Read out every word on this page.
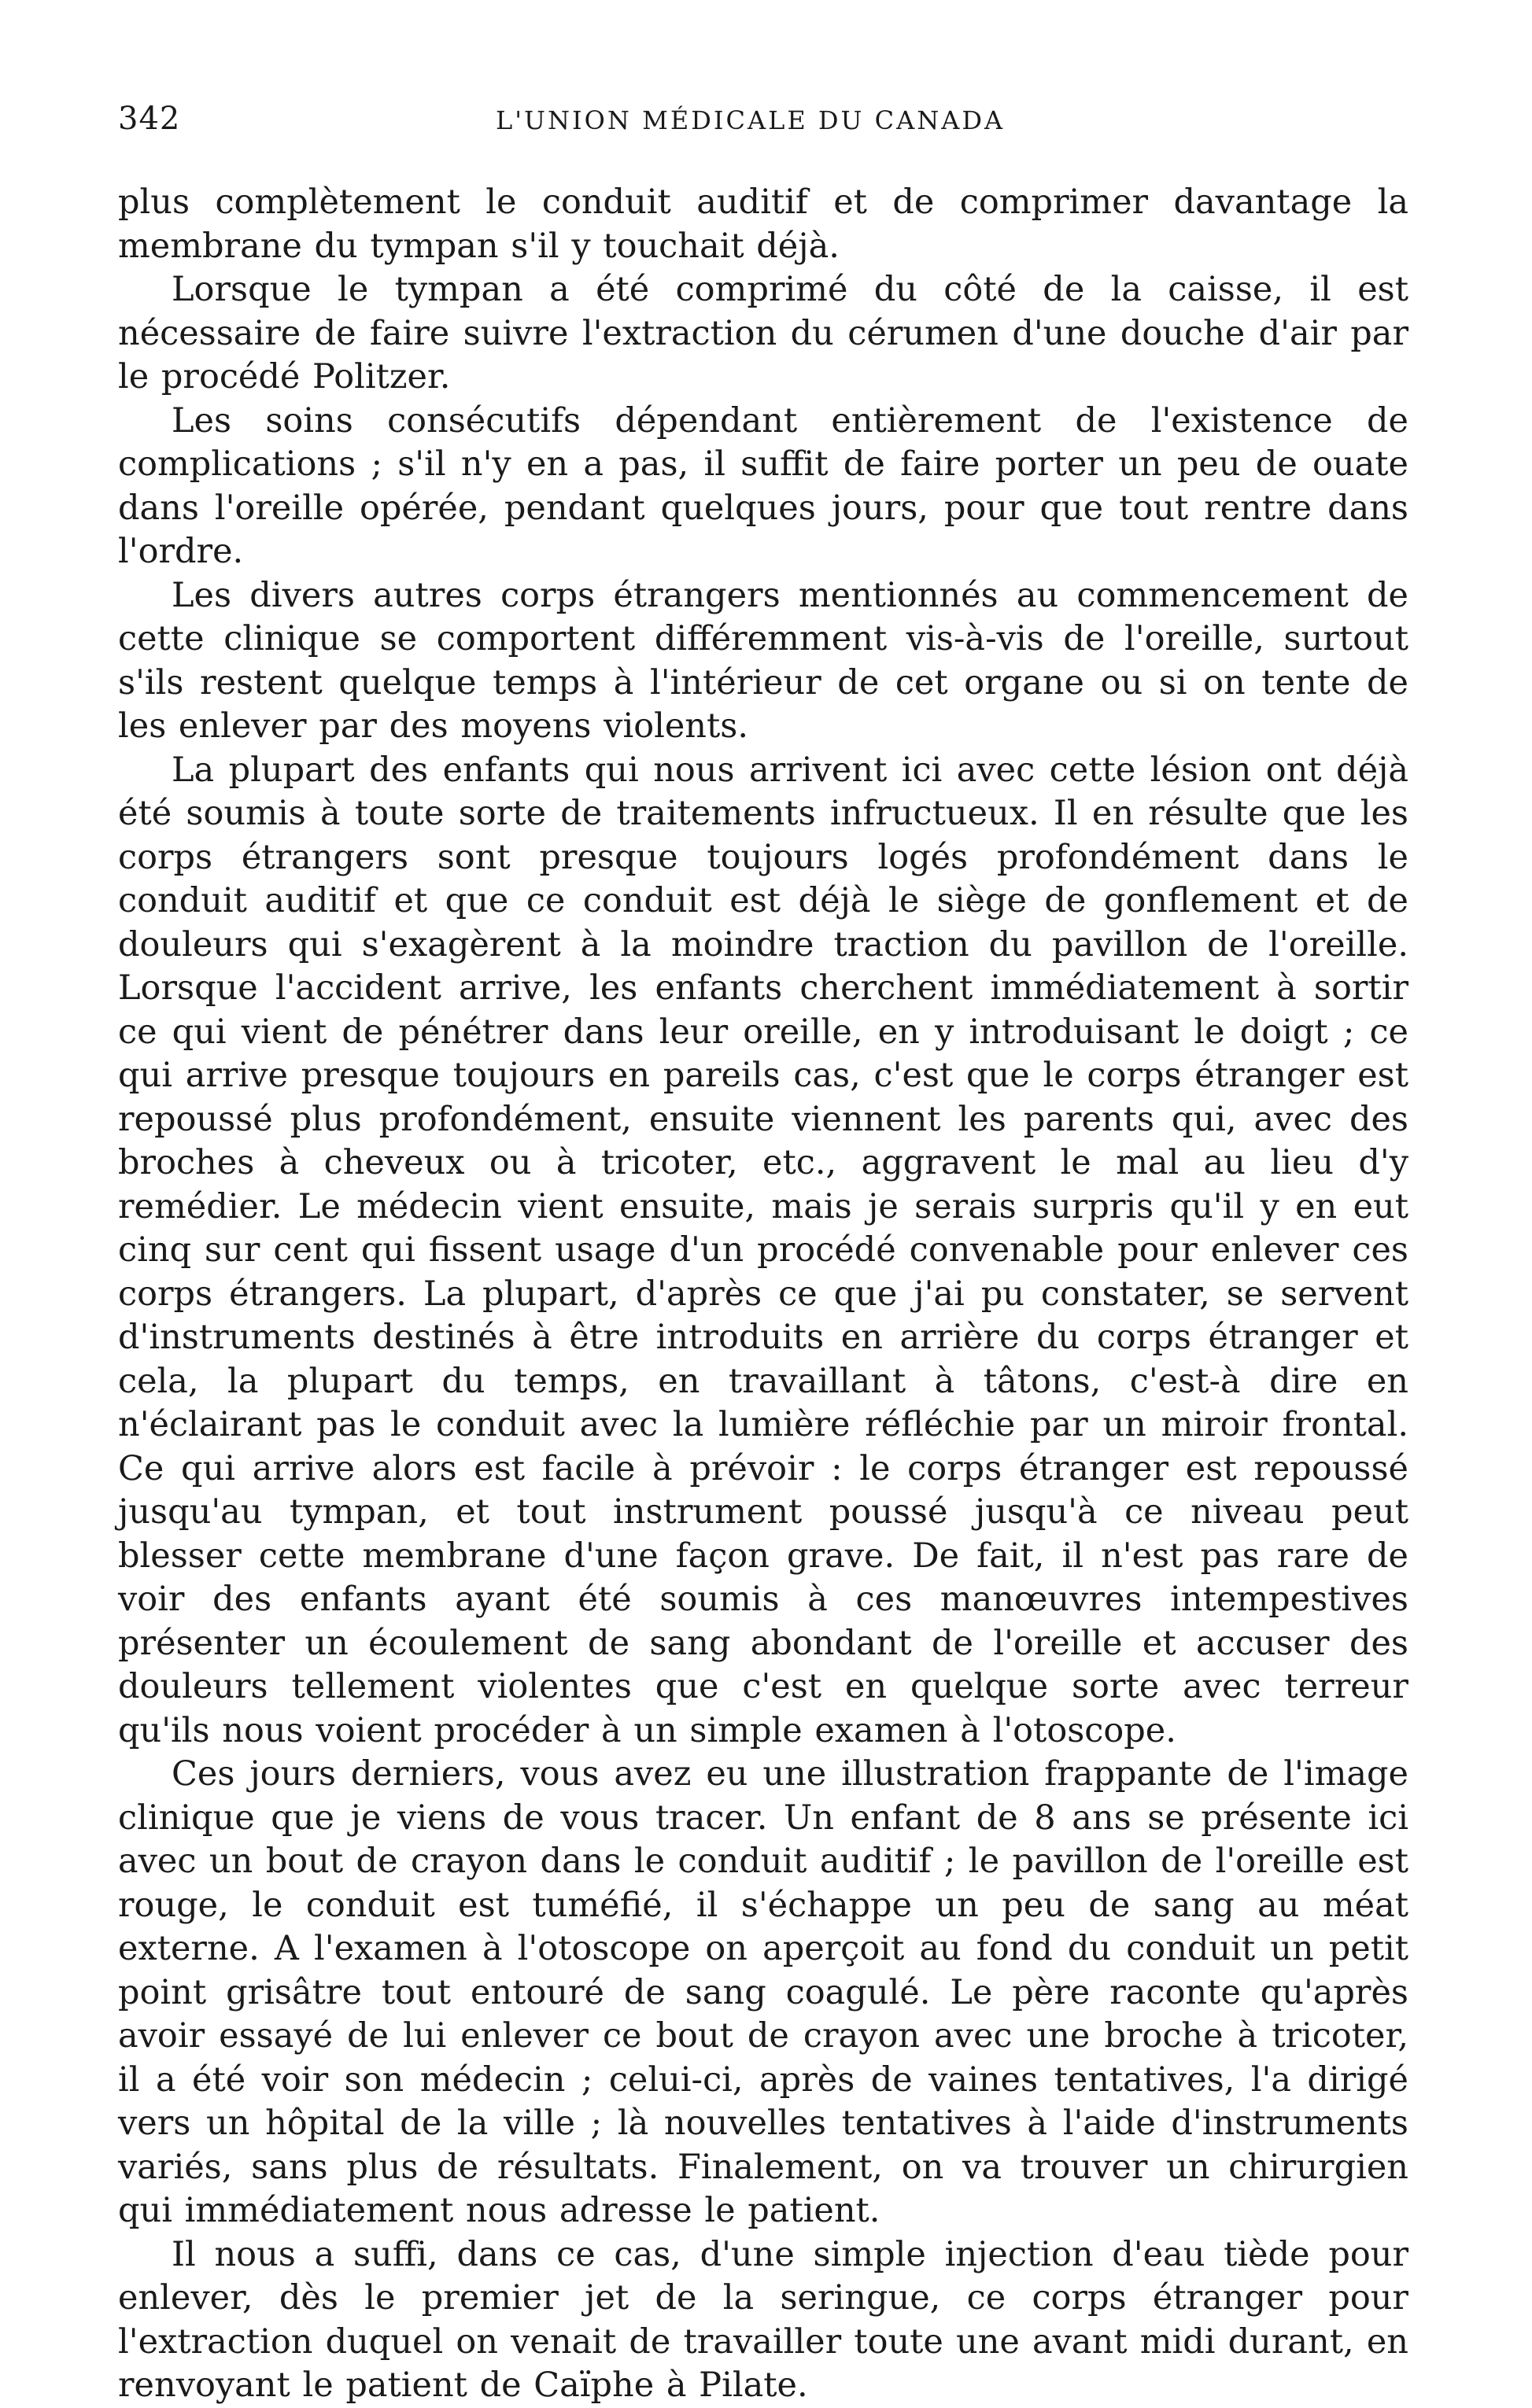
342	L'UNION MÉDICALE DU CANADA

plus complètement le conduit auditif et de comprimer davantage la membrane du tympan s'il y touchait déjà.

Lorsque le tympan a été comprimé du côté de la caisse, il est nécessaire de faire suivre l'extraction du cérumen d'une douche d'air par le procédé Politzer.

Les soins consécutifs dépendant entièrement de l'existence de complications ; s'il n'y en a pas, il suffit de faire porter un peu de ouate dans l'oreille opérée, pendant quelques jours, pour que tout rentre dans l'ordre.

Les divers autres corps étrangers mentionnés au commencement de cette clinique se comportent différemment vis-à-vis de l'oreille, surtout s'ils restent quelque temps à l'intérieur de cet organe ou si on tente de les enlever par des moyens violents.

La plupart des enfants qui nous arrivent ici avec cette lésion ont déjà été soumis à toute sorte de traitements infructueux. Il en résulte que les corps étrangers sont presque toujours logés profondément dans le conduit auditif et que ce conduit est déjà le siège de gonflement et de douleurs qui s'exagèrent à la moindre traction du pavillon de l'oreille. Lorsque l'accident arrive, les enfants cherchent immédiatement à sortir ce qui vient de pénétrer dans leur oreille, en y introduisant le doigt ; ce qui arrive presque toujours en pareils cas, c'est que le corps étranger est repoussé plus profondément, ensuite viennent les parents qui, avec des broches à cheveux ou à tricoter, etc., aggravent le mal au lieu d'y remédier. Le médecin vient ensuite, mais je serais surpris qu'il y en eut cinq sur cent qui fissent usage d'un procédé convenable pour enlever ces corps étrangers. La plupart, d'après ce que j'ai pu constater, se servent d'instruments destinés à être introduits en arrière du corps étranger et cela, la plupart du temps, en travaillant à tâtons, c'est-à dire en n'éclairant pas le conduit avec la lumière réfléchie par un miroir frontal. Ce qui arrive alors est facile à prévoir : le corps étranger est repoussé jusqu'au tympan, et tout instrument poussé jusqu'à ce niveau peut blesser cette membrane d'une façon grave. De fait, il n'est pas rare de voir des enfants ayant été soumis à ces manœuvres intempestives présenter un écoulement de sang abondant de l'oreille et accuser des douleurs tellement violentes que c'est en quelque sorte avec terreur qu'ils nous voient procéder à un simple examen à l'otoscope.

Ces jours derniers, vous avez eu une illustration frappante de l'image clinique que je viens de vous tracer. Un enfant de 8 ans se présente ici avec un bout de crayon dans le conduit auditif ; le pavillon de l'oreille est rouge, le conduit est tuméfié, il s'échappe un peu de sang au méat externe. A l'examen à l'otoscope on aperçoit au fond du conduit un petit point grisâtre tout entouré de sang coagulé. Le père raconte qu'après avoir essayé de lui enlever ce bout de crayon avec une broche à tricoter, il a été voir son médecin ; celui-ci, après de vaines tentatives, l'a dirigé vers un hôpital de la ville ; là nouvelles tentatives à l'aide d'instruments variés, sans plus de résultats. Finalement, on va trouver un chirurgien qui immédiatement nous adresse le patient.

Il nous a suffi, dans ce cas, d'une simple injection d'eau tiède pour enlever, dès le premier jet de la seringue, ce corps étranger pour l'extraction duquel on venait de travailler toute une avant midi durant, en renvoyant le patient de Caïphe à Pilate.
